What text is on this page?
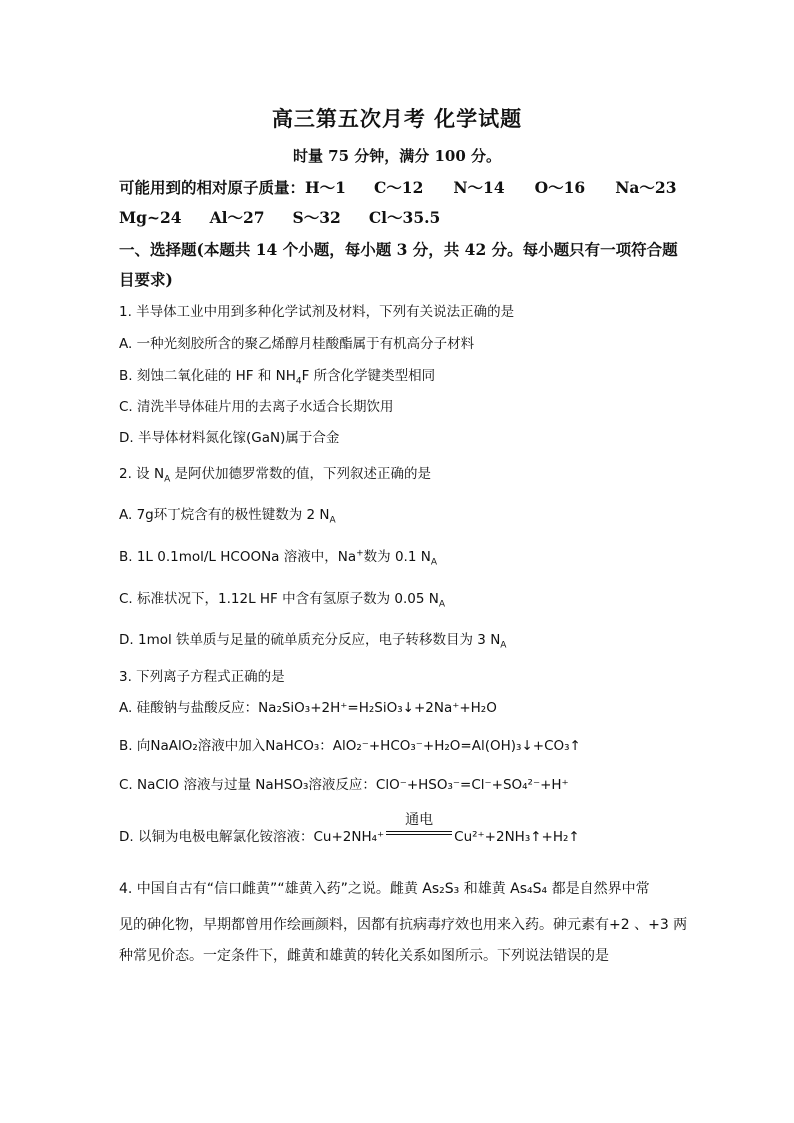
高三第五次月考 化学试题
时量 75 分钟，满分 100 分。
可能用到的相对原子质量：H～1 C～12 N～14 O～16 Na～23
Mg~24 Al～27 S～32 Cl～35.5
一、选择题(本题共 14 个小题，每小题 3 分，共 42 分。每小题只有一项符合题
目要求)
1. 半导体工业中用到多种化学试剂及材料，下列有关说法正确的是
A. 一种光刻胶所含的聚乙烯醇月桂酸酯属于有机高分子材料
B. 刻蚀二氧化硅的 HF 和 $NH_4F$ 所含化学键类型相同
C. 清洗半导体硅片用的去离子水适合长期饮用
D. 半导体材料氮化镓(GaN)属于合金
2. 设 $N_A$ 是阿伏加德罗常数的值，下列叙述正确的是
A. 7g环丁烷含有的极性键数为 2 $N_A$
B. 1L 0.1mol/L HCOONa 溶液中，Na+数为 0.1 $N_A$
C. 标准状况下，1.12L HF 中含有氢原子数为 0.05 $N_A$
D. 1mol 铁单质与足量的硫单质充分反应，电子转移数目为 3 $N_A$
3. 下列离子方程式正确的是
A. 硅酸钠与盐酸反应：Na₂SiO₃+2H⁺=H₂SiO₃↓+2Na⁺+H₂O
B. 向NaAlO₂溶液中加入NaHCO₃：AlO₂⁻+HCO₃⁻+H₂O=Al(OH)₃↓+CO₃↑
C. NaClO 溶液与过量 NaHSO₃溶液反应：ClO⁻+HSO₃⁻=Cl⁻+SO₄²⁻+H⁺
D. 以铜为电极电解氯化铵溶液：Cu+2NH₄⁺
通电
Cu²⁺+2NH₃↑+H₂↑
4. 中国自古有“信口雌黄”“雄黄入药”之说。雌黄 As₂S₃ 和雄黄 As₄S₄ 都是自然界中常
见的砷化物，早期都曾用作绘画颜料，因都有抗病毒疗效也用来入药。砷元素有+2 、+3 两
种常见价态。一定条件下，雌黄和雄黄的转化关系如图所示。下列说法错误的是
